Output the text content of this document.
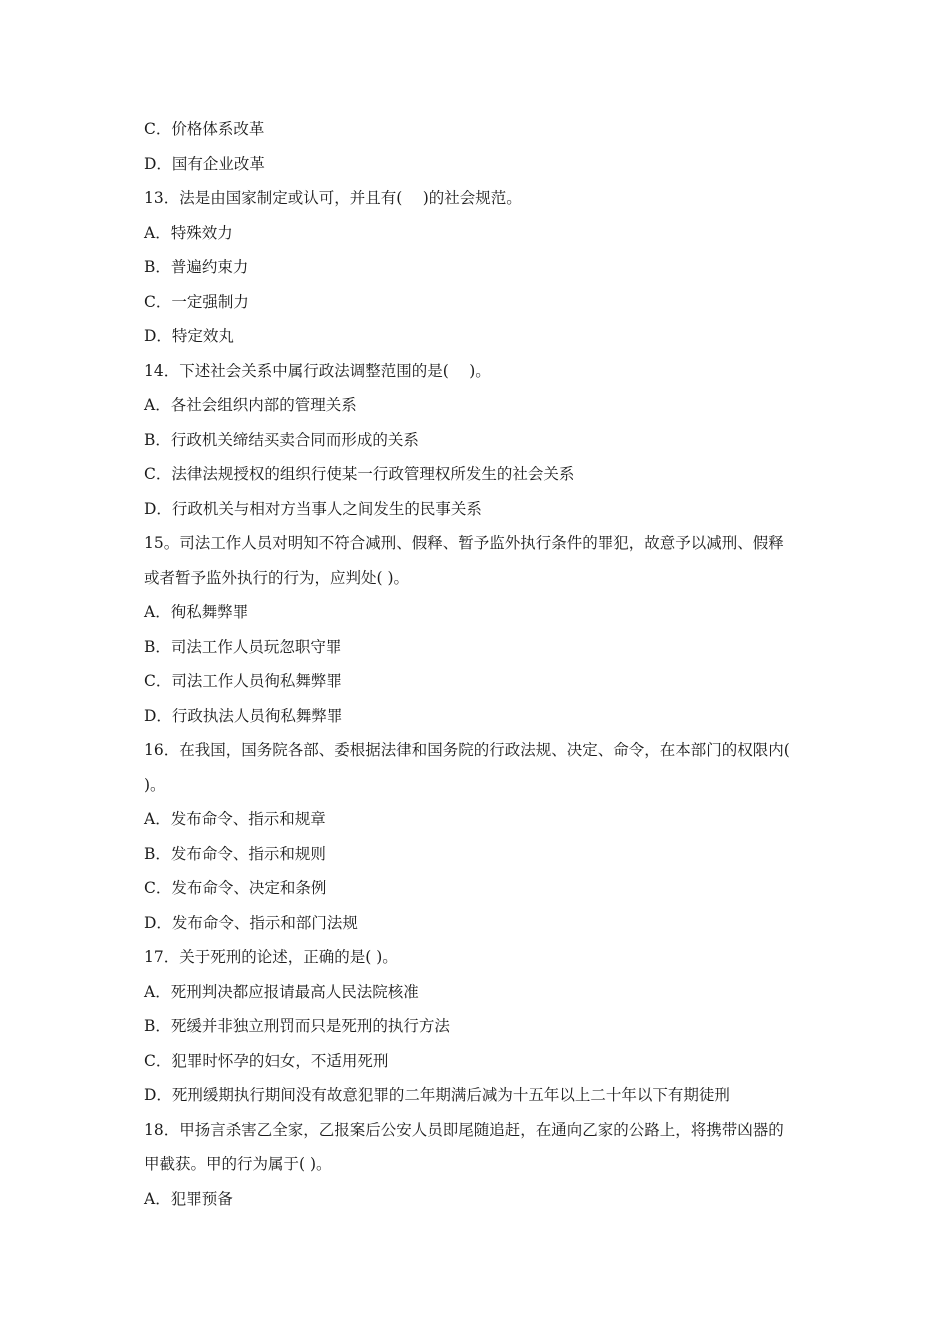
C．价格体系改革
D．国有企业改革
13．法是由国家制定或认可，并且有(　 )的社会规范。
A．特殊效力
B．普遍约束力
C．一定强制力
D．特定效丸
14．下述社会关系中属行政法调整范围的是(　 )。
A．各社会组织内部的管理关系
B．行政机关缔结买卖合同而形成的关系
C．法律法规授权的组织行使某一行政管理权所发生的社会关系
D．行政机关与相对方当事人之间发生的民事关系
15。司法工作人员对明知不符合减刑、假释、暂予监外执行条件的罪犯，故意予以减刑、假释
或者暂予监外执行的行为，应判处( )。
A．徇私舞弊罪
B．司法工作人员玩忽职守罪
C．司法工作人员徇私舞弊罪
D．行政执法人员徇私舞弊罪
16．在我国，国务院各部、委根据法律和国务院的行政法规、决定、命令，在本部门的权限内(
)。
A．发布命令、指示和规章
B．发布命令、指示和规则
C．发布命令、决定和条例
D．发布命令、指示和部门法规
17．关于死刑的论述，正确的是( )。
A．死刑判决都应报请最高人民法院核准
B．死缓并非独立刑罚而只是死刑的执行方法
C．犯罪时怀孕的妇女，不适用死刑
D．死刑缓期执行期间没有故意犯罪的二年期满后减为十五年以上二十年以下有期徒刑
18．甲扬言杀害乙全家，乙报案后公安人员即尾随追赶，在通向乙家的公路上，将携带凶器的
甲截获。甲的行为属于( )。
A．犯罪预备
